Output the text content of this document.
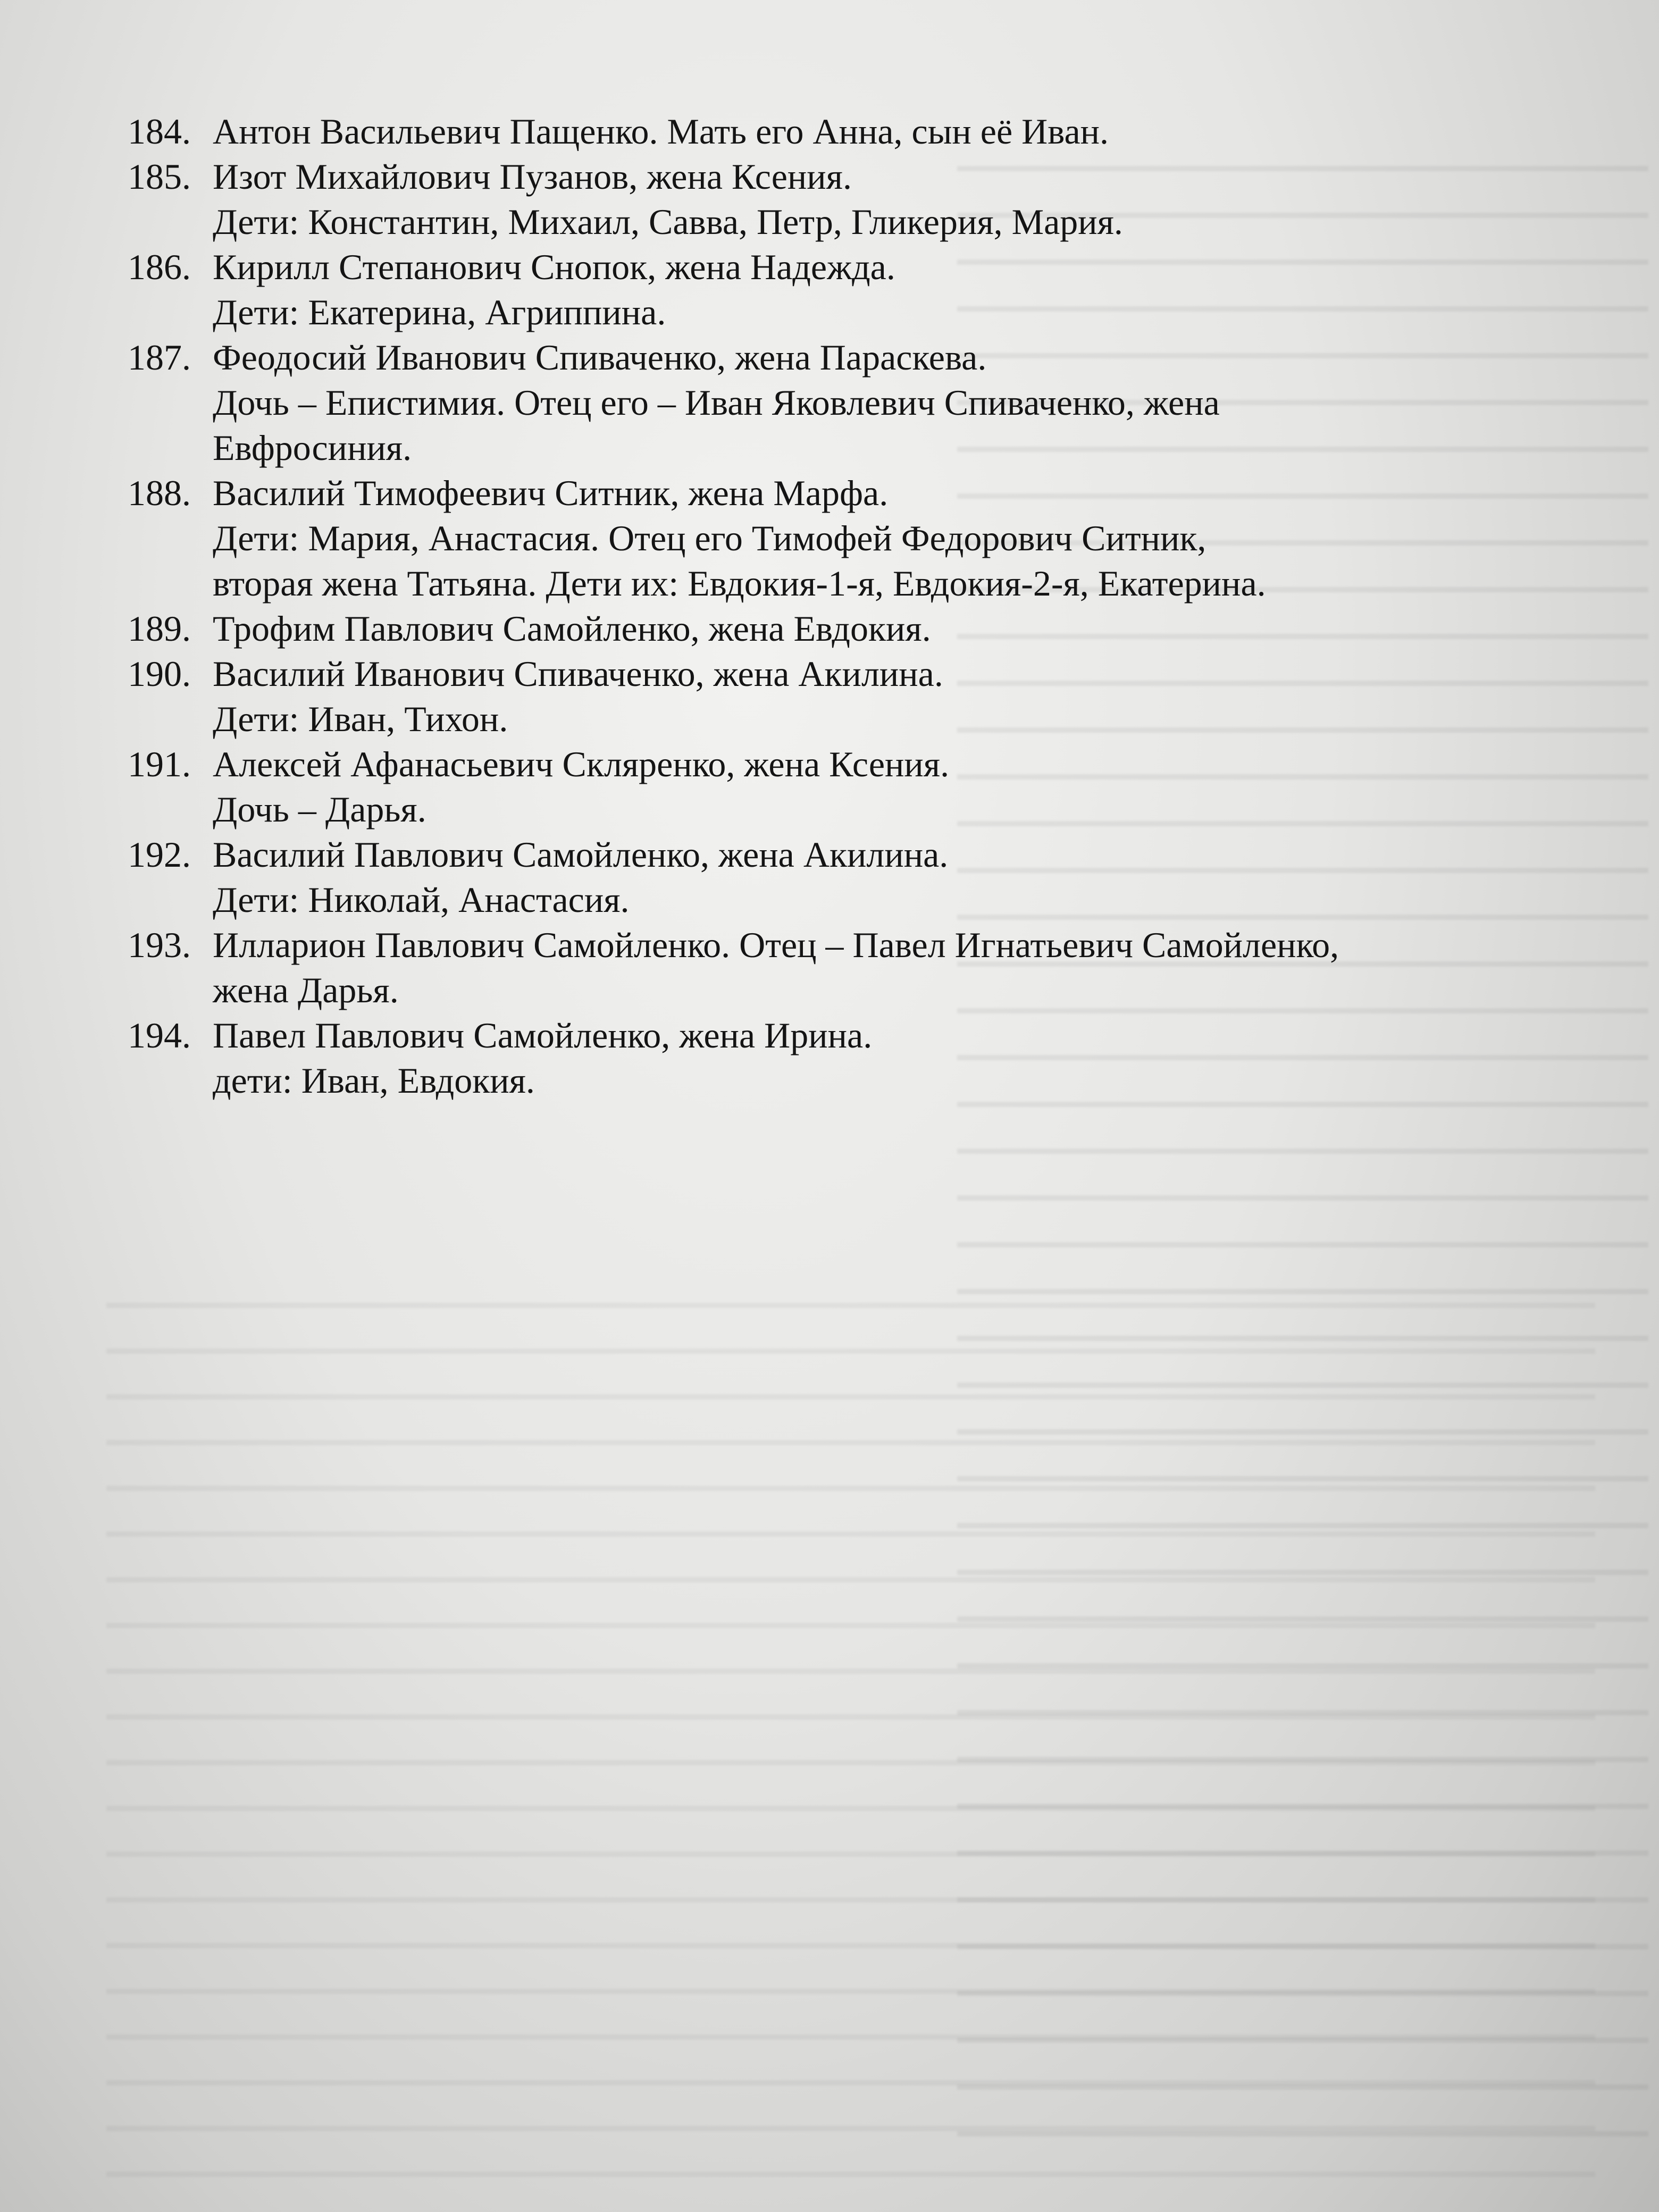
184. Антон Васильевич Пащенко. Мать его Анна, сын её Иван.
185. Изот Михайлович Пузанов, жена Ксения.
Дети: Константин, Михаил, Савва, Петр, Гликерия, Мария.
186. Кирилл Степанович Снопок, жена Надежда.
Дети: Екатерина, Агриппина.
187. Феодосий Иванович Спиваченко, жена Параскева.
Дочь – Епистимия. Отец его – Иван Яковлевич Спиваченко, жена
Евфросиния.
188. Василий Тимофеевич Ситник, жена Марфа.
Дети: Мария, Анастасия. Отец его Тимофей Федорович Ситник,
вторая жена Татьяна. Дети их: Евдокия-1-я, Евдокия-2-я, Екатерина.
189. Трофим Павлович Самойленко, жена Евдокия.
190. Василий Иванович Спиваченко, жена Акилина.
Дети: Иван, Тихон.
191. Алексей Афанасьевич Скляренко, жена Ксения.
Дочь – Дарья.
192. Василий Павлович Самойленко, жена Акилина.
Дети: Николай, Анастасия.
193. Илларион Павлович Самойленко. Отец – Павел Игнатьевич Самойленко,
жена Дарья.
194. Павел Павлович Самойленко, жена Ирина.
дети: Иван, Евдокия.
